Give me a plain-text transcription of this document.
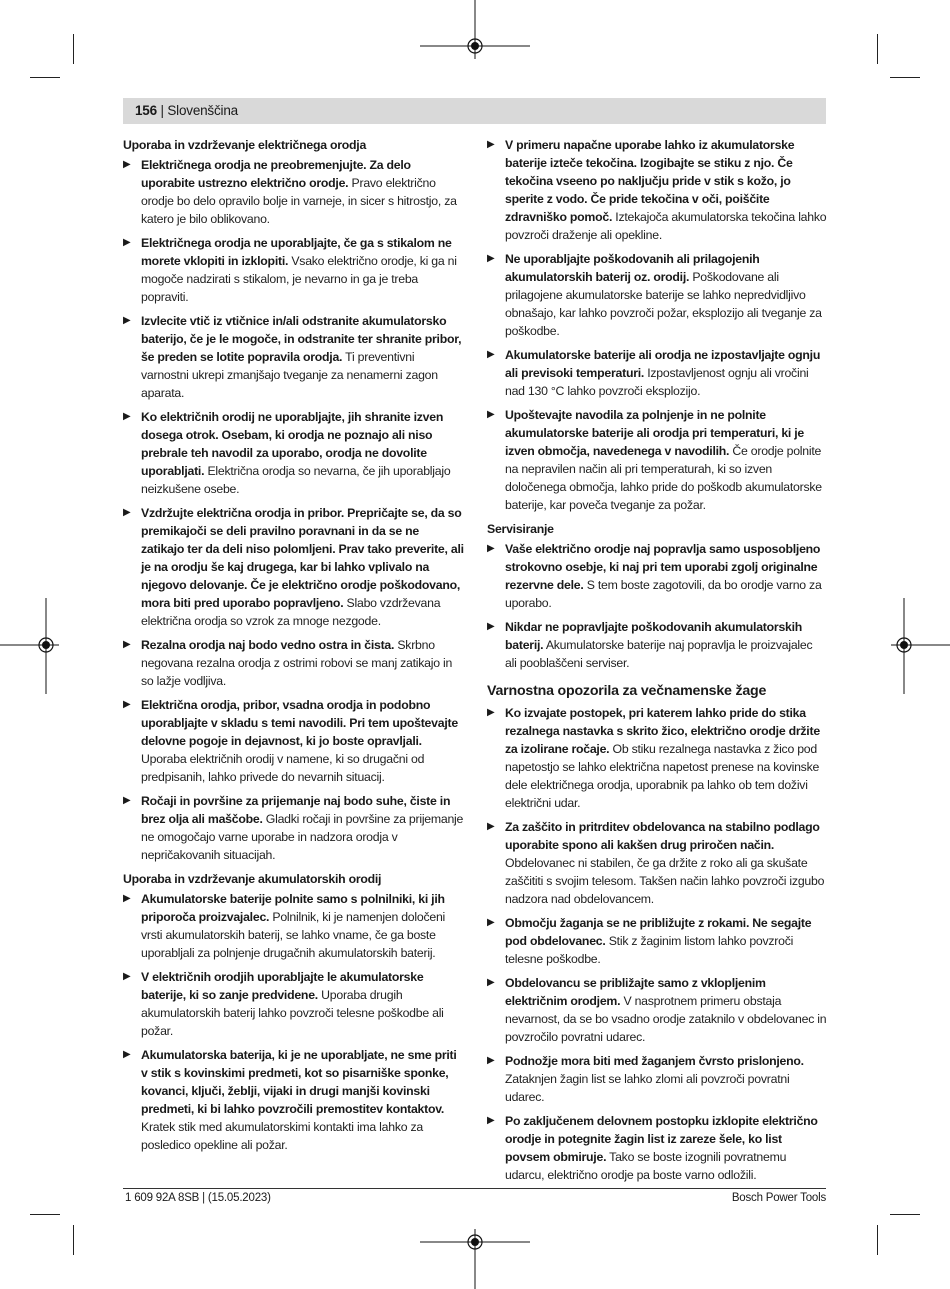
156 | Slovenščina
Uporaba in vzdrževanje električnega orodja
▶ Električnega orodja ne preobremenjujte. Za delo uporabite ustrezno električno orodje. Pravo električno orodje bo delo opravilo bolje in varneje, in sicer s hitrostjo, za katero je bilo oblikovano.
▶ Električnega orodja ne uporabljajte, če ga s stikalom ne morete vklopiti in izklopiti. Vsako električno orodje, ki ga ni mogoče nadzirati s stikalom, je nevarno in ga je treba popraviti.
▶ Izvlecite vtič iz vtičnice in/ali odstranite akumulatorsko baterijo, če je le mogoče, in odstranite ter shranite pribor, še preden se lotite popravila orodja. Ti preventivni varnostni ukrepi zmanjšajo tveganje za nenamerni zagon aparata.
▶ Ko električnih orodij ne uporabljajte, jih shranite izven dosega otrok. Osebam, ki orodja ne poznajo ali niso prebrale teh navodil za uporabo, orodja ne dovolite uporabljati. Električna orodja so nevarna, če jih uporabljajo neizkušene osebe.
▶ Vzdržujte električna orodja in pribor. Prepričajte se, da so premikajoči se deli pravilno poravnani in da se ne zatikajo ter da deli niso polomljeni. Prav tako preverite, ali je na orodju še kaj drugega, kar bi lahko vplivalo na njegovo delovanje. Če je električno orodje poškodovano, mora biti pred uporabo popravljeno. Slabo vzdrževana električna orodja so vzrok za mnoge nezgode.
▶ Rezalna orodja naj bodo vedno ostra in čista. Skrbno negovana rezalna orodja z ostrimi robovi se manj zatikajo in so lažje vodljiva.
▶ Električna orodja, pribor, vsadna orodja in podobno uporabljajte v skladu s temi navodili. Pri tem upoštevajte delovne pogoje in dejavnost, ki jo boste opravljali. Uporaba električnih orodij v namene, ki so drugačni od predpisanih, lahko privede do nevarnih situacij.
▶ Ročaji in površine za prijemanje naj bodo suhe, čiste in brez olja ali maščobe. Gladki ročaji in površine za prijemanje ne omogočajo varne uporabe in nadzora orodja v nepričakovanih situacijah.
Uporaba in vzdrževanje akumulatorskih orodij
▶ Akumulatorske baterije polnite samo s polnilniki, ki jih priporoča proizvajalec. Polnilnik, ki je namenjen določeni vrsti akumulatorskih baterij, se lahko vname, če ga boste uporabljali za polnjenje drugačnih akumulatorskih baterij.
▶ V električnih orodjih uporabljajte le akumulatorske baterije, ki so zanje predvidene. Uporaba drugih akumulatorskih baterij lahko povzroči telesne poškodbe ali požar.
▶ Akumulatorska baterija, ki je ne uporabljate, ne sme priti v stik s kovinskimi predmeti, kot so pisarniške sponke, kovanci, ključi, žeblji, vijaki in drugi manjši kovinski predmeti, ki bi lahko povzročili premostitev kontaktov. Kratek stik med akumulatorskimi kontakti ima lahko za posledico opekline ali požar.
▶ V primeru napačne uporabe lahko iz akumulatorske baterije izteče tekočina. Izogibajte se stiku z njo. Če tekočina vseeno po naključju pride v stik s kožo, jo sperite z vodo. Če pride tekočina v oči, poiščite zdravniško pomoč. Iztekajoča akumulatorska tekočina lahko povzroči draženje ali opekline.
▶ Ne uporabljajte poškodovanih ali prilagojenih akumulatorskih baterij oz. orodij. Poškodovane ali prilagojene akumulatorske baterije se lahko nepredvidljivo obnašajo, kar lahko povzroči požar, eksplozijo ali tveganje za poškodbe.
▶ Akumulatorske baterije ali orodja ne izpostavljajte ognju ali previsoki temperaturi. Izpostavljenost ognju ali vročini nad 130 °C lahko povzroči eksplozijo.
▶ Upoštevajte navodila za polnjenje in ne polnite akumulatorske baterije ali orodja pri temperaturi, ki je izven območja, navedenega v navodilih. Če orodje polnite na nepravilen način ali pri temperaturah, ki so izven določenega območja, lahko pride do poškodb akumulatorske baterije, kar poveča tveganje za požar.
Servisiranje
▶ Vaše električno orodje naj popravlja samo usposobljeno strokovno osebje, ki naj pri tem uporabi zgolj originalne rezervne dele. S tem boste zagotovili, da bo orodje varno za uporabo.
▶ Nikdar ne popravljajte poškodovanih akumulatorskih baterij. Akumulatorske baterije naj popravlja le proizvajalec ali pooblaščeni serviser.
Varnostna opozorila za večnamenske žage
▶ Ko izvajate postopek, pri katerem lahko pride do stika rezalnega nastavka s skrito žico, električno orodje držite za izolirane ročaje. Ob stiku rezalnega nastavka z žico pod napetostjo se lahko električna napetost prenese na kovinske dele električnega orodja, uporabnik pa lahko ob tem doživi električni udar.
▶ Za zaščito in pritrditev obdelovanca na stabilno podlago uporabite spono ali kakšen drug priročen način. Obdelovanec ni stabilen, če ga držite z roko ali ga skušate zaščititi s svojim telesom. Takšen način lahko povzroči izgubo nadzora nad obdelovancem.
▶ Območju žaganja se ne približujte z rokami. Ne segajte pod obdelovanec. Stik z žaginim listom lahko povzroči telesne poškodbe.
▶ Obdelovancu se približajte samo z vklopljenim električnim orodjem. V nasprotnem primeru obstaja nevarnost, da se bo vsadno orodje zataknilo v obdelovanec in povzročilo povratni udarec.
▶ Podnožje mora biti med žaganjem čvrsto prislonjeno. Zataknjen žagin list se lahko zlomi ali povzroči povratni udarec.
▶ Po zaključenem delovnem postopku izklopite električno orodje in potegnite žagin list iz zareze šele, ko list povsem obmiruje. Tako se boste izognili povratnemu udarcu, električno orodje pa boste varno odložili.
1 609 92A 8SB | (15.05.2023)	Bosch Power Tools
